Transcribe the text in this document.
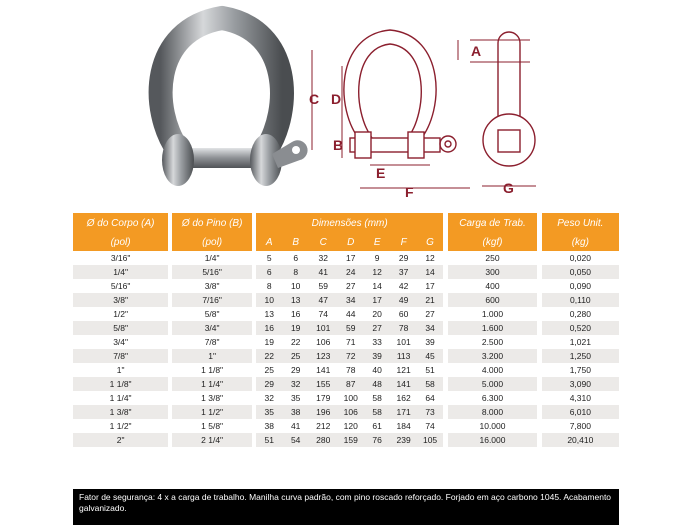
C D
B
E
F
A
G
Ø do Corpo (A)		Ø do Pino (B)		Dimensões (mm)								Carga de Trab.		Peso Unit.
(pol)		(pol)		A	B	C	D	E	F	G		(kgf)		(kg)
3/16"		1/4"		5	6	32	17	9	29	12		250		0,020
1/4"		5/16"		6	8	41	24	12	37	14		300		0,050
5/16"		3/8"		8	10	59	27	14	42	17		400		0,090
3/8"		7/16"		10	13	47	34	17	49	21		600		0,110
1/2"		5/8"		13	16	74	44	20	60	27		1.000		0,280
5/8"		3/4"		16	19	101	59	27	78	34		1.600		0,520
3/4"		7/8"		19	22	106	71	33	101	39		2.500		1,021
7/8"		1"		22	25	123	72	39	113	45		3.200		1,250
1"		1 1/8"		25	29	141	78	40	121	51		4.000		1,750
1 1/8"		1 1/4"		29	32	155	87	48	141	58		5.000		3,090
1 1/4"		1 3/8"		32	35	179	100	58	162	64		6.300		4,310
1 3/8"		1 1/2"		35	38	196	106	58	171	73		8.000		6,010
1 1/2"		1 5/8"		38	41	212	120	61	184	74		10.000		7,800
2"		2 1/4"		51	54	280	159	76	239	105		16.000		20,410
Fator de segurança: 4 x a carga de trabalho. Manilha curva padrão, com pino roscado reforçado. Forjado em aço carbono 1045. Acabamento galvanizado.
